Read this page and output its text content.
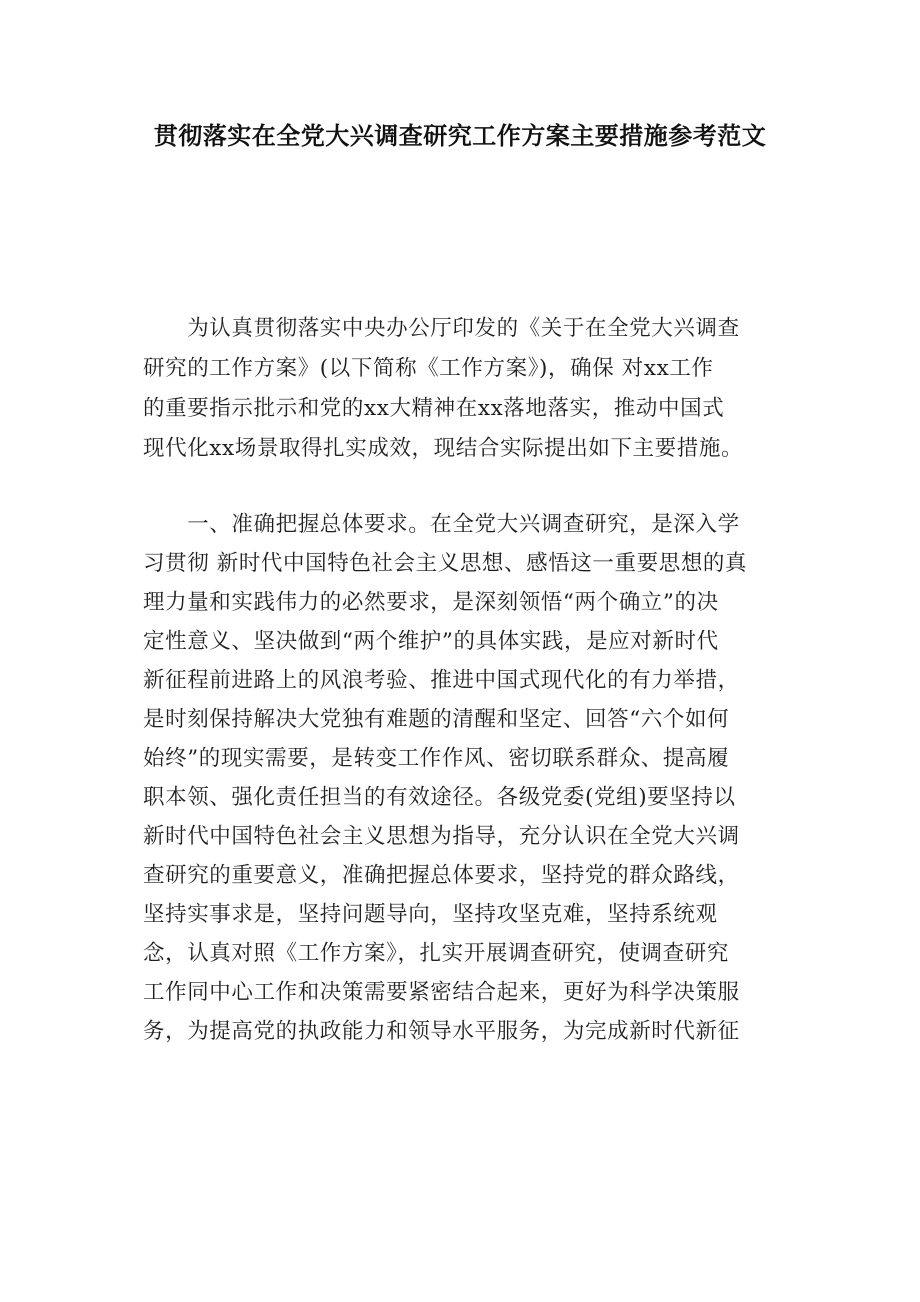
贯彻落实在全党大兴调查研究工作方案主要措施参考范文
　　为认真贯彻落实中央办公厅印发的《关于在全党大兴调查
研究的工作方案》(以下简称《工作方案》)，确保 对xx工作
的重要指示批示和党的xx大精神在xx落地落实，推动中国式
现代化xx场景取得扎实成效，现结合实际提出如下主要措施。
　　一、准确把握总体要求。在全党大兴调查研究，是深入学
习贯彻 新时代中国特色社会主义思想、感悟这一重要思想的真
理力量和实践伟力的必然要求，是深刻领悟“两个确立”的决
定性意义、坚决做到“两个维护”的具体实践，是应对新时代
新征程前进路上的风浪考验、推进中国式现代化的有力举措，
是时刻保持解决大党独有难题的清醒和坚定、回答“六个如何
始终”的现实需要，是转变工作作风、密切联系群众、提高履
职本领、强化责任担当的有效途径。各级党委(党组)要坚持以
新时代中国特色社会主义思想为指导，充分认识在全党大兴调
查研究的重要意义，准确把握总体要求，坚持党的群众路线，
坚持实事求是，坚持问题导向，坚持攻坚克难，坚持系统观
念，认真对照《工作方案》，扎实开展调查研究，使调查研究
工作同中心工作和决策需要紧密结合起来，更好为科学决策服
务，为提高党的执政能力和领导水平服务，为完成新时代新征
